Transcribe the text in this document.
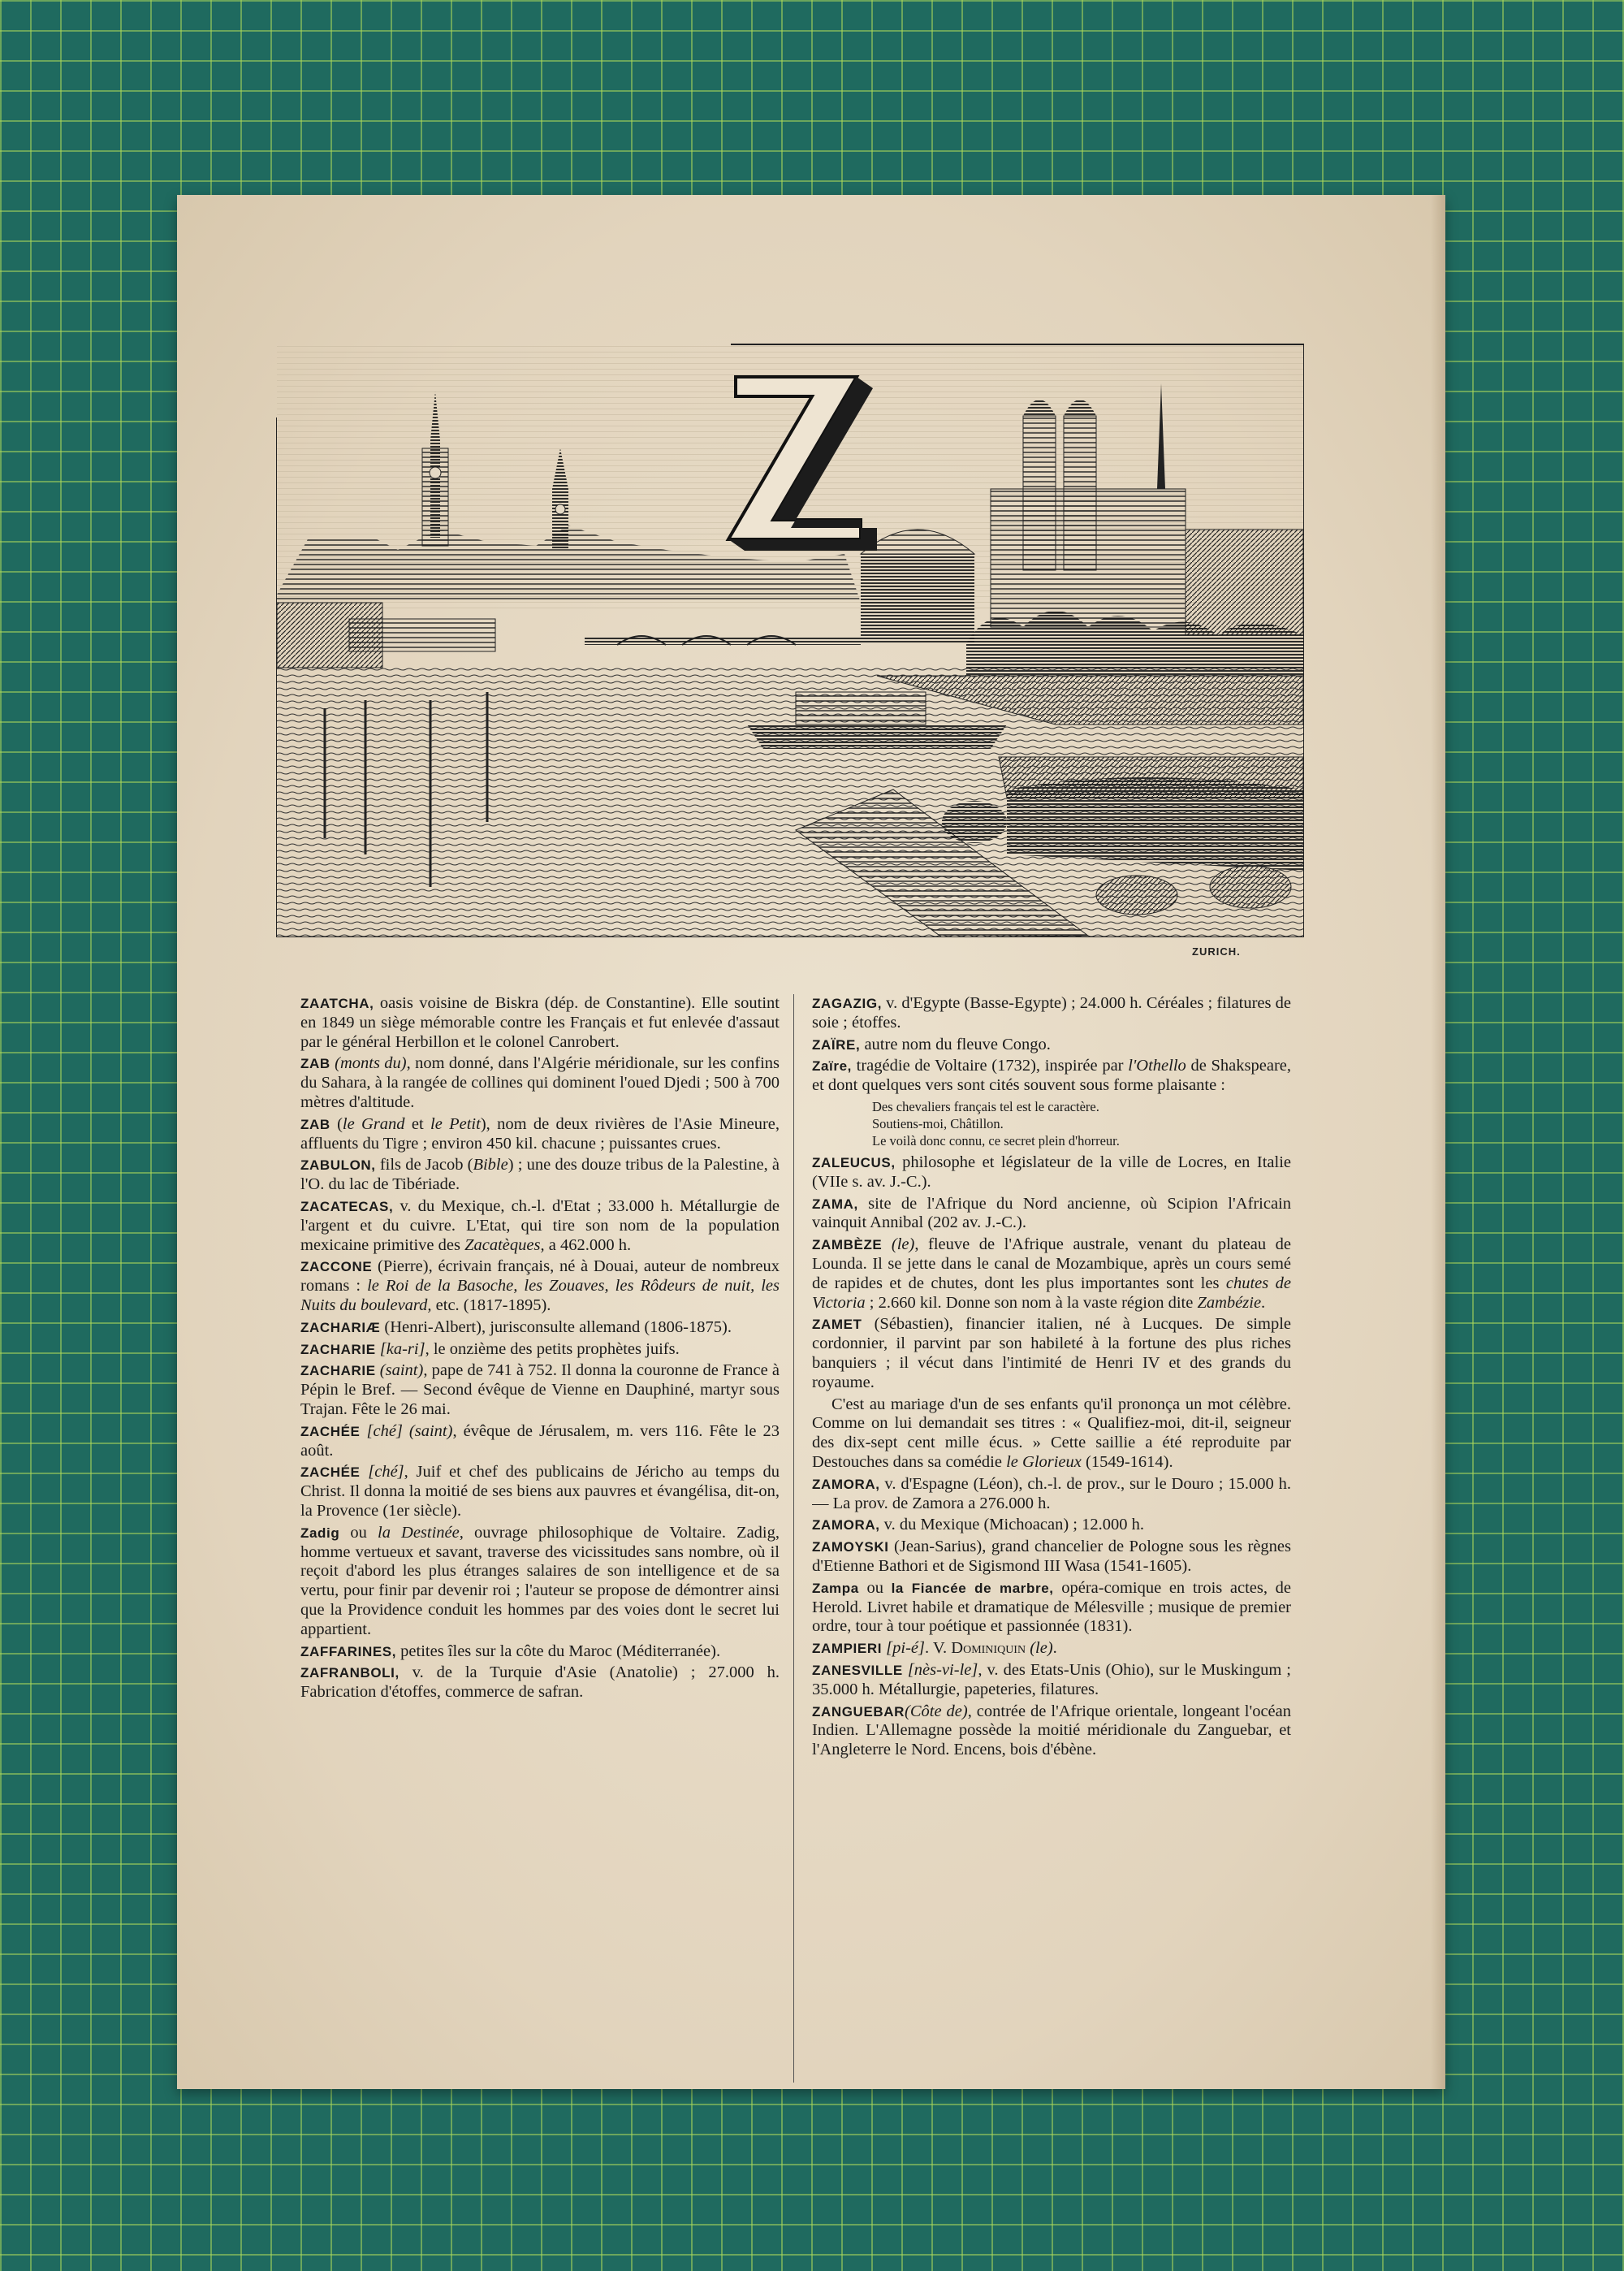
ZURICH.

ZAATCHA, oasis voisine de Biskra (dép. de Constantine). Elle soutint en 1849 un siège mémorable contre les Français et fut enlevée d'assaut par le général Herbillon et le colonel Canrobert.

ZAB (monts du), nom donné, dans l'Algérie méridionale, sur les confins du Sahara, à la rangée de collines qui dominent l'oued Djedi ; 500 à 700 mètres d'altitude.

ZAB (le Grand et le Petit), nom de deux rivières de l'Asie Mineure, affluents du Tigre ; environ 450 kil. chacune ; puissantes crues.

ZABULON, fils de Jacob (Bible) ; une des douze tribus de la Palestine, à l'O. du lac de Tibériade.

ZACATECAS, v. du Mexique, ch.-l. d'Etat ; 33.000 h. Métallurgie de l'argent et du cuivre. L'Etat, qui tire son nom de la population mexicaine primitive des Zacatèques, a 462.000 h.

ZACCONE (Pierre), écrivain français, né à Douai, auteur de nombreux romans : le Roi de la Basoche, les Zouaves, les Rôdeurs de nuit, les Nuits du boulevard, etc. (1817-1895).

ZACHARIÆ (Henri-Albert), jurisconsulte allemand (1806-1875).

ZACHARIE [ka-ri], le onzième des petits prophètes juifs.

ZACHARIE (saint), pape de 741 à 752. Il donna la couronne de France à Pépin le Bref. — Second évêque de Vienne en Dauphiné, martyr sous Trajan. Fête le 26 mai.

ZACHÉE [ché] (saint), évêque de Jérusalem, m. vers 116. Fête le 23 août.

ZACHÉE [ché], Juif et chef des publicains de Jéricho au temps du Christ. Il donna la moitié de ses biens aux pauvres et évangélisa, dit-on, la Provence (1er siècle).

Zadig ou la Destinée, ouvrage philosophique de Voltaire. Zadig, homme vertueux et savant, traverse des vicissitudes sans nombre, où il reçoit d'abord les plus étranges salaires de son intelligence et de sa vertu, pour finir par devenir roi ; l'auteur se propose de démontrer ainsi que la Providence conduit les hommes par des voies dont le secret lui appartient.

ZAFFARINES, petites îles sur la côte du Maroc (Méditerranée).

ZAFRANBOLI, v. de la Turquie d'Asie (Anatolie) ; 27.000 h. Fabrication d'étoffes, commerce de safran.

ZAGAZIG, v. d'Egypte (Basse-Egypte) ; 24.000 h. Céréales ; filatures de soie ; étoffes.

ZAÏRE, autre nom du fleuve Congo.

Zaïre, tragédie de Voltaire (1732), inspirée par l'Othello de Shakspeare, et dont quelques vers sont cités souvent sous forme plaisante :

Des chevaliers français tel est le caractère.
Soutiens-moi, Châtillon.
Le voilà donc connu, ce secret plein d'horreur.

ZALEUCUS, philosophe et législateur de la ville de Locres, en Italie (VIIe s. av. J.-C.).

ZAMA, site de l'Afrique du Nord ancienne, où Scipion l'Africain vainquit Annibal (202 av. J.-C.).

ZAMBÈZE (le), fleuve de l'Afrique australe, venant du plateau de Lounda. Il se jette dans le canal de Mozambique, après un cours semé de rapides et de chutes, dont les plus importantes sont les chutes de Victoria ; 2.660 kil. Donne son nom à la vaste région dite Zambézie.

ZAMET (Sébastien), financier italien, né à Lucques. De simple cordonnier, il parvint par son habileté à la fortune des plus riches banquiers ; il vécut dans l'intimité de Henri IV et des grands du royaume.

C'est au mariage d'un de ses enfants qu'il prononça un mot célèbre. Comme on lui demandait ses titres : « Qualifiez-moi, dit-il, seigneur des dix-sept cent mille écus. » Cette saillie a été reproduite par Destouches dans sa comédie le Glorieux (1549-1614).

ZAMORA, v. d'Espagne (Léon), ch.-l. de prov., sur le Douro ; 15.000 h. — La prov. de Zamora a 276.000 h.

ZAMORA, v. du Mexique (Michoacan) ; 12.000 h.

ZAMOYSKI (Jean-Sarius), grand chancelier de Pologne sous les règnes d'Etienne Bathori et de Sigismond III Wasa (1541-1605).

Zampa ou la Fiancée de marbre, opéra-comique en trois actes, de Herold. Livret habile et dramatique de Mélesville ; musique de premier ordre, tour à tour poétique et passionnée (1831).

ZAMPIERI [pi-é]. V. Dominiquin (le).

ZANESVILLE [nès-vi-le], v. des Etats-Unis (Ohio), sur le Muskingum ; 35.000 h. Métallurgie, papeteries, filatures.

ZANGUEBAR(Côte de), contrée de l'Afrique orientale, longeant l'océan Indien. L'Allemagne possède la moitié méridionale du Zanguebar, et l'Angleterre le Nord. Encens, bois d'ébène.
